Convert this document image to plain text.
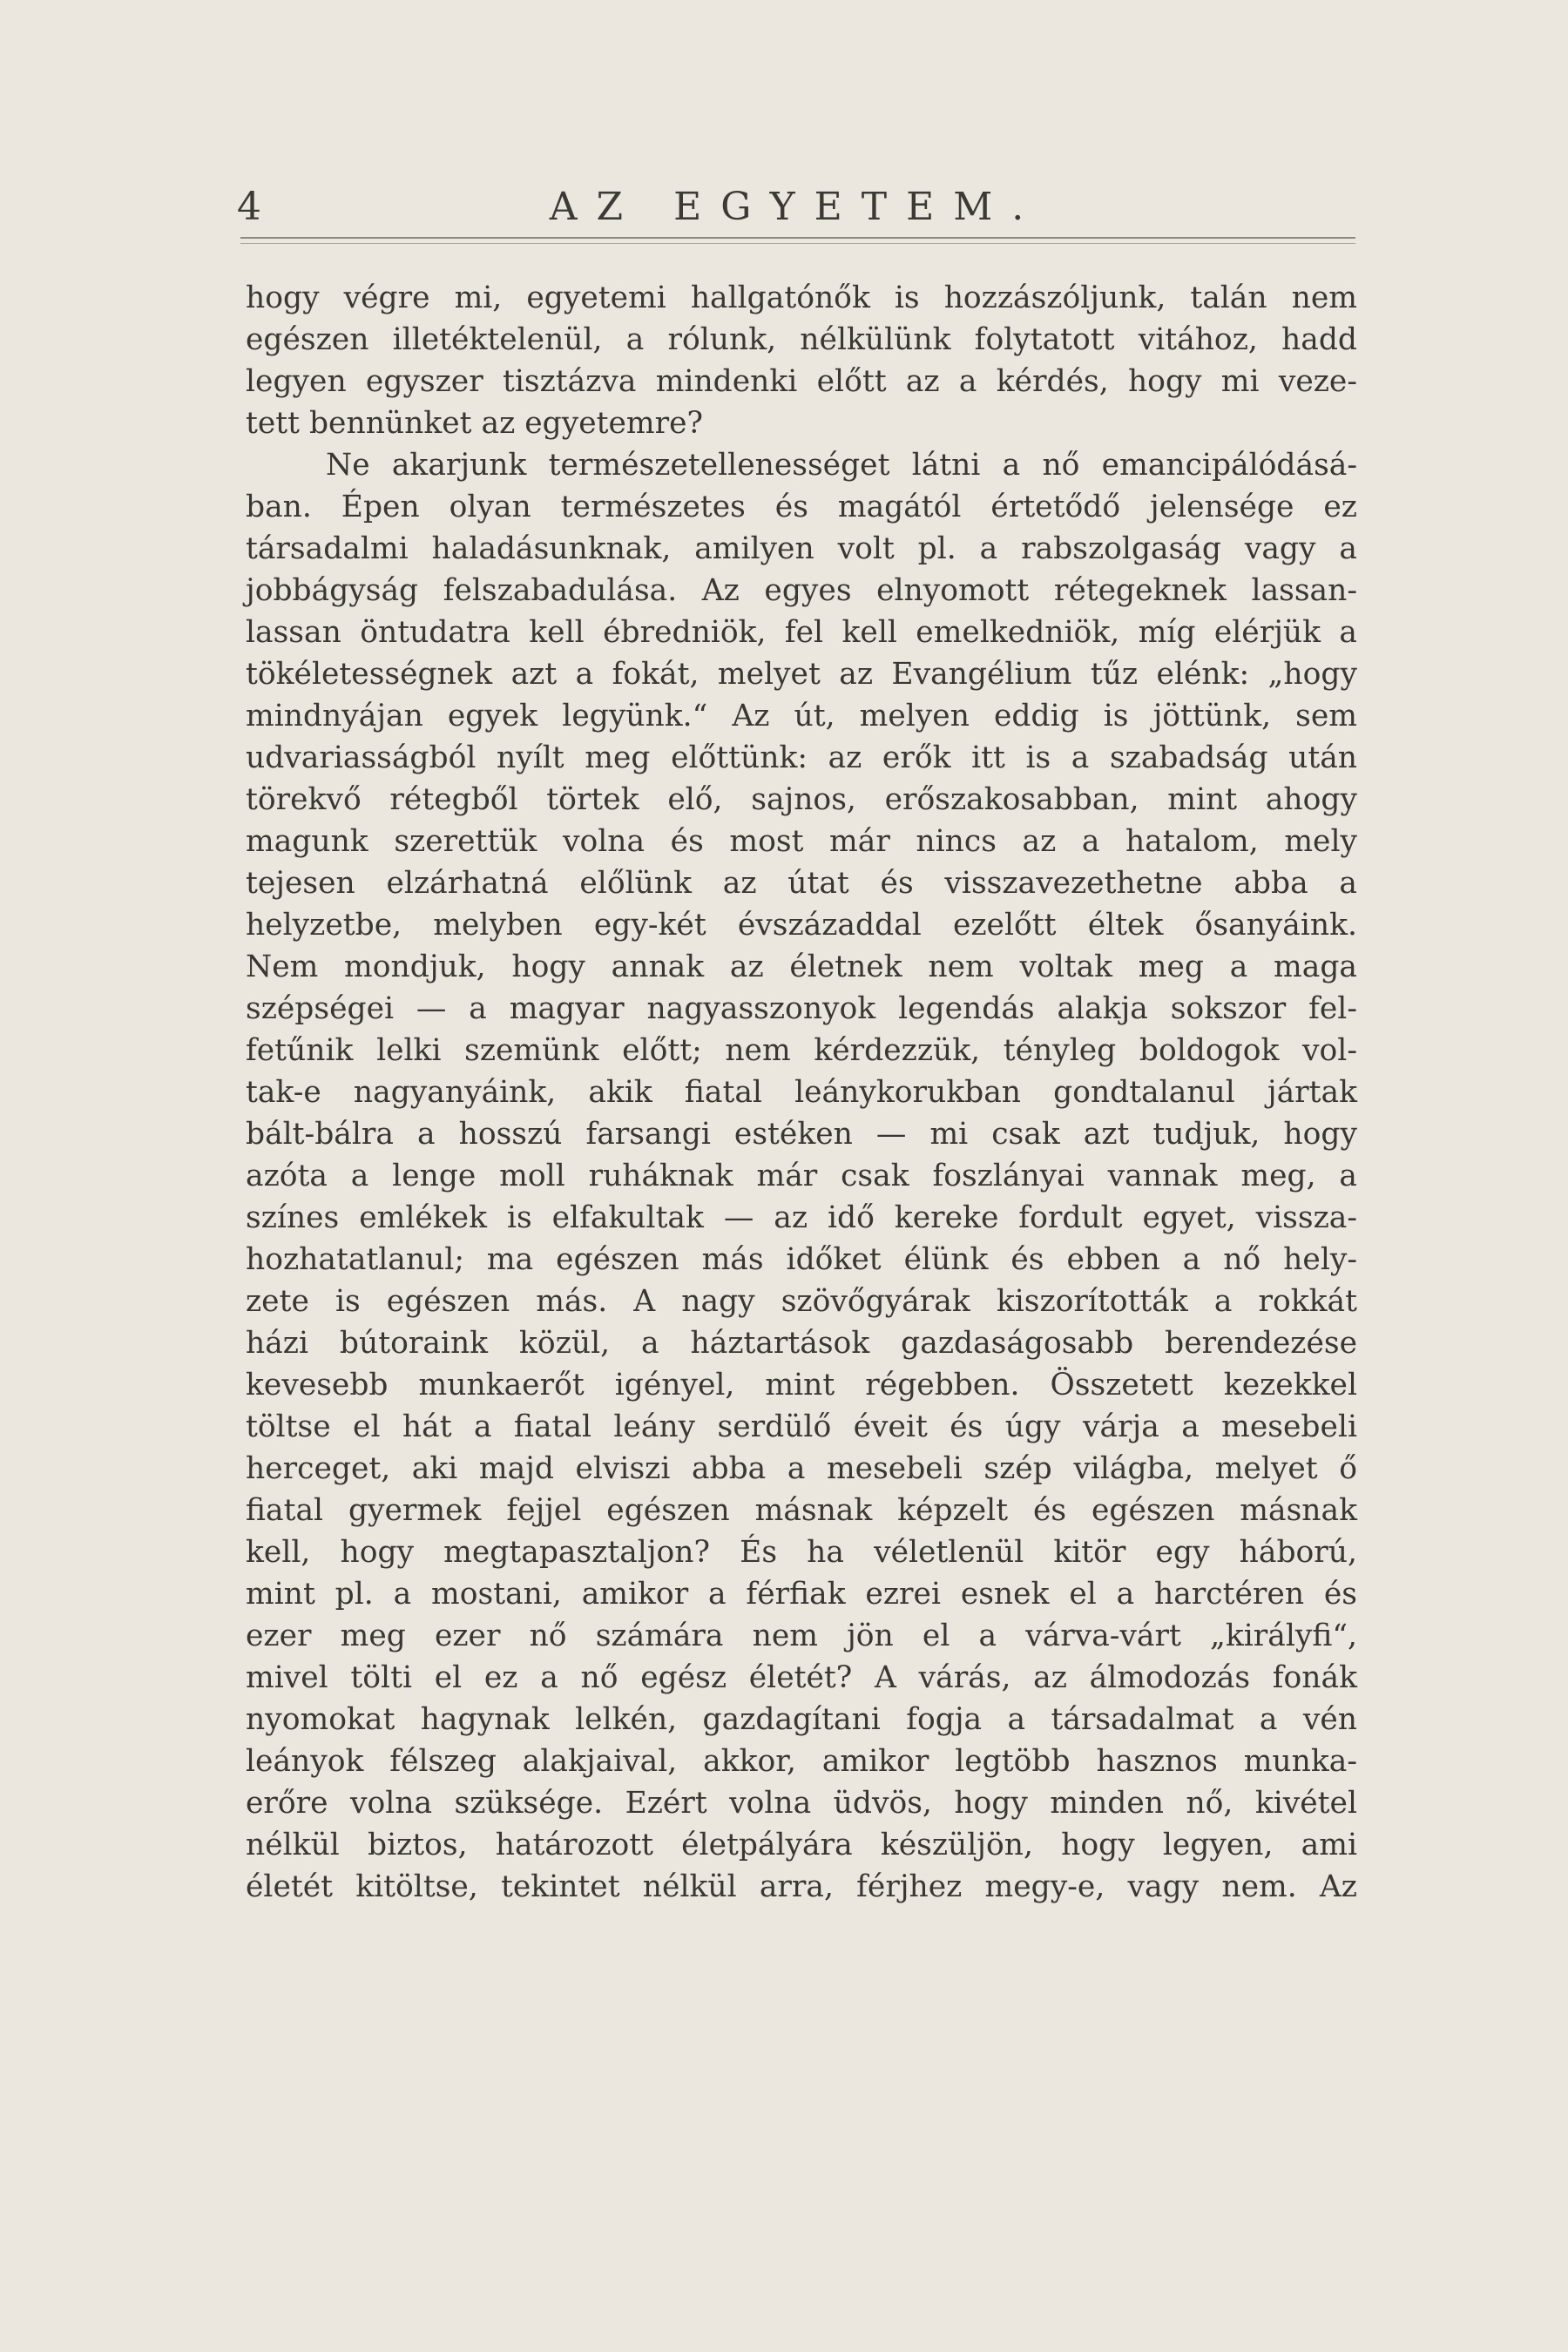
4	AZ EGYETEM.
hogy végre mi, egyetemi hallgatónők is hozzászóljunk, talán nem
egészen illetéktelenül, a rólunk, nélkülünk folytatott vitához, hadd
legyen egyszer tisztázva mindenki előtt az a kérdés, hogy mi veze-
tett bennünket az egyetemre?
Ne akarjunk természetellenességet látni a nő emancipálódásá-
ban. Épen olyan természetes és magától értetődő jelensége ez
társadalmi haladásunknak, amilyen volt pl. a rabszolgaság vagy a
jobbágyság felszabadulása. Az egyes elnyomott rétegeknek lassan-
lassan öntudatra kell ébredniök, fel kell emelkedniök, míg elérjük a
tökéletességnek azt a fokát, melyet az Evangélium tűz elénk: „hogy
mindnyájan egyek legyünk.“ Az út, melyen eddig is jöttünk, sem
udvariasságból nyílt meg előttünk: az erők itt is a szabadság után
törekvő rétegből törtek elő, sajnos, erőszakosabban, mint ahogy
magunk szerettük volna és most már nincs az a hatalom, mely
tejesen elzárhatná előlünk az útat és visszavezethetne abba a
helyzetbe, melyben egy-két évszázaddal ezelőtt éltek ősanyáink.
Nem mondjuk, hogy annak az életnek nem voltak meg a maga
szépségei — a magyar nagyasszonyok legendás alakja sokszor fel-
fetűnik lelki szemünk előtt; nem kérdezzük, tényleg boldogok vol-
tak-e nagyanyáink, akik fiatal leánykorukban gondtalanul jártak
bált-bálra a hosszú farsangi estéken — mi csak azt tudjuk, hogy
azóta a lenge moll ruháknak már csak foszlányai vannak meg, a
színes emlékek is elfakultak — az idő kereke fordult egyet, vissza-
hozhatatlanul; ma egészen más időket élünk és ebben a nő hely-
zete is egészen más. A nagy szövőgyárak kiszorították a rokkát
házi bútoraink közül, a háztartások gazdaságosabb berendezése
kevesebb munkaerőt igényel, mint régebben. Összetett kezekkel
töltse el hát a fiatal leány serdülő éveit és úgy várja a mesebeli
herceget, aki majd elviszi abba a mesebeli szép világba, melyet ő
fiatal gyermek fejjel egészen másnak képzelt és egészen másnak
kell, hogy megtapasztaljon? És ha véletlenül kitör egy háború,
mint pl. a mostani, amikor a férfiak ezrei esnek el a harctéren és
ezer meg ezer nő számára nem jön el a várva-várt „királyfi“,
mivel tölti el ez a nő egész életét? A várás, az álmodozás fonák
nyomokat hagynak lelkén, gazdagítani fogja a társadalmat a vén
leányok félszeg alakjaival, akkor, amikor legtöbb hasznos munka-
erőre volna szüksége. Ezért volna üdvös, hogy minden nő, kivétel
nélkül biztos, határozott életpályára készüljön, hogy legyen, ami
életét kitöltse, tekintet nélkül arra, férjhez megy-e, vagy nem. Az
